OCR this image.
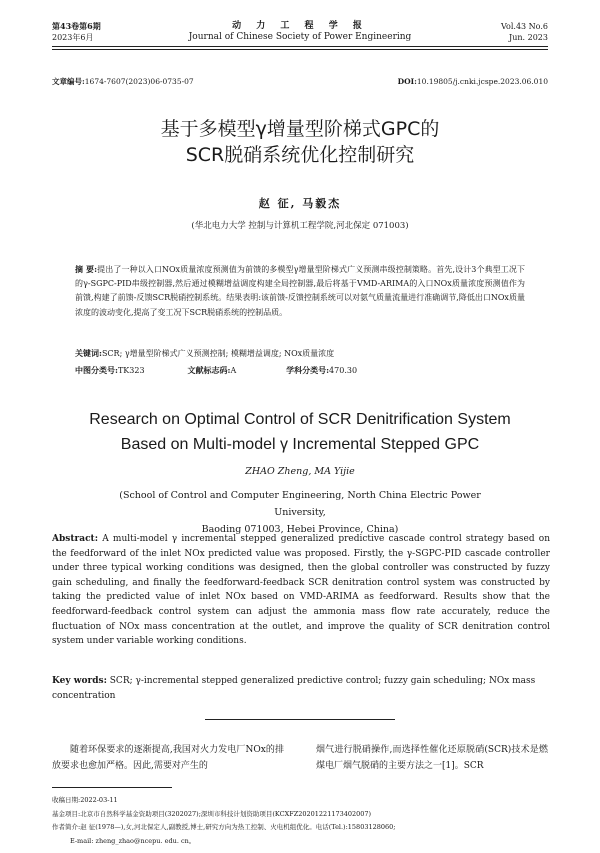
第43卷第6期
2023年6月
动 力 工 程 学 报
Journal of Chinese Society of Power Engineering
Vol.43 No.6
Jun. 2023
文章编号:1674-7607(2023)06-0735-07	DOI:10.19805/j.cnki.jcspe.2023.06.010
基于多模型γ增量型阶梯式GPC的
SCR脱硝系统优化控制研究
赵 征, 马毅杰
(华北电力大学 控制与计算机工程学院,河北保定 071003)
摘 要:提出了一种以入口NOx质量浓度预测值为前馈的多模型γ增量型阶梯式广义预测串级控制策略。首先,设计3个典型工况下的γ-SGPC-PID串级控制器,然后通过模糊增益调度构建全局控制器,最后将基于VMD-ARIMA的入口NOx质量浓度预测值作为前馈,构建了前馈-反馈SCR脱硝控制系统。结果表明:该前馈-反馈控制系统可以对氨气质量流量进行准确调节,降低出口NOx质量浓度的波动变化,提高了变工况下SCR脱硝系统的控制品质。
关键词:SCR; γ增量型阶梯式广义预测控制; 模糊增益调度; NOx质量浓度
中图分类号:TK323	文献标志码:A	学科分类号:470.30
Research on Optimal Control of SCR Denitrification System
Based on Multi-model γ Incremental Stepped GPC
ZHAO Zheng, MA Yijie
(School of Control and Computer Engineering, North China Electric Power University,
Baoding 071003, Hebei Province, China)
Abstract: A multi-model γ incremental stepped generalized predictive cascade control strategy based on the feedforward of the inlet NOx predicted value was proposed. Firstly, the γ-SGPC-PID cascade controller under three typical working conditions was designed, then the global controller was constructed by fuzzy gain scheduling, and finally the feedforward-feedback SCR denitration control system was constructed by taking the predicted value of inlet NOx based on VMD-ARIMA as feedforward. Results show that the feedforward-feedback control system can adjust the ammonia mass flow rate accurately, reduce the fluctuation of NOx mass concentration at the outlet, and improve the quality of SCR denitration control system under variable working conditions.
Key words: SCR; γ-incremental stepped generalized predictive control; fuzzy gain scheduling; NOx mass concentration
随着环保要求的逐渐提高,我国对火力发电厂NOx的排放要求也愈加严格。因此,需要对产生的
烟气进行脱硝操作,而选择性催化还原脱硝(SCR)技术是燃煤电厂烟气脱硝的主要方法之一[1]。SCR
收稿日期:2022-03-11
基金项目:北京市自然科学基金资助项目(3202027);深圳市科技计划资助项目(KCXFZ20201221173402007)
作者简介:赵 征(1978—),女,河北保定人,副教授,博士,研究方向为热工控制、火电机组优化。电话(Tel.):15803128060;
E-mail: zheng_zhao@ncepu. edu. cn。
